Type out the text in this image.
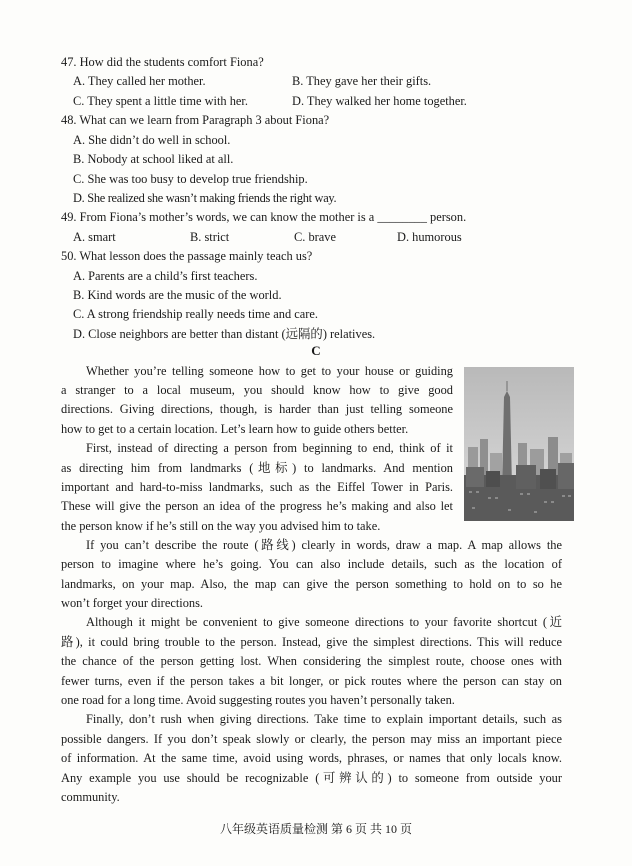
47. How did the students comfort Fiona?
A. They called her mother.	B. They gave her their gifts.
C. They spent a little time with her.	D. They walked her home together.
48. What can we learn from Paragraph 3 about Fiona?
A. She didn’t do well in school.
B. Nobody at school liked at all.
C. She was too busy to develop true friendship.
D. She realized she wasn’t making friends the right way.
49. From Fiona’s mother’s words, we can know the mother is a ________ person.
A. smart	B. strict	C. brave	D. humorous
50. What lesson does the passage mainly teach us?
A. Parents are a child’s first teachers.
B. Kind words are the music of the world.
C. A strong friendship really needs time and care.
D. Close neighbors are better than distant (远隔的) relatives.
C
Whether you’re telling someone how to get to your house or guiding
a stranger to a local museum, you should know how to give good
directions. Giving directions, though, is harder than just telling someone
how to get to a certain location. Let’s learn how to guide others better.
First, instead of directing a person from beginning to end, think of it
as directing him from landmarks (地标) to landmarks. And mention
important and hard-to-miss landmarks, such as the Eiffel Tower in Paris.
These will give the person an idea of the progress he’s making and also let
the person know if he’s still on the way you advised him to take.
If you can’t describe the route (路线) clearly in words, draw a map. A map allows the
person to imagine where he’s going. You can also include details, such as the location of
landmarks, on your map. Also, the map can give the person something to hold on to so he
won’t forget your directions.
Although it might be convenient to give someone directions to your favorite shortcut (近
路), it could bring trouble to the person. Instead, give the simplest directions. This will reduce
the chance of the person getting lost. When considering the simplest route, choose ones with
fewer turns, even if the person takes a bit longer, or pick routes where the person can stay on
one road for a long time. Avoid suggesting routes you haven’t personally taken.
Finally, don’t rush when giving directions. Take time to explain important details, such as
possible dangers. If you don’t speak slowly or clearly, the person may miss an important piece
of information. At the same time, avoid using words, phrases, or names that only locals know.
Any example you use should be recognizable (可辨认的) to someone from outside your
community.
八年级英语质量检测 第 6 页 共 10 页
